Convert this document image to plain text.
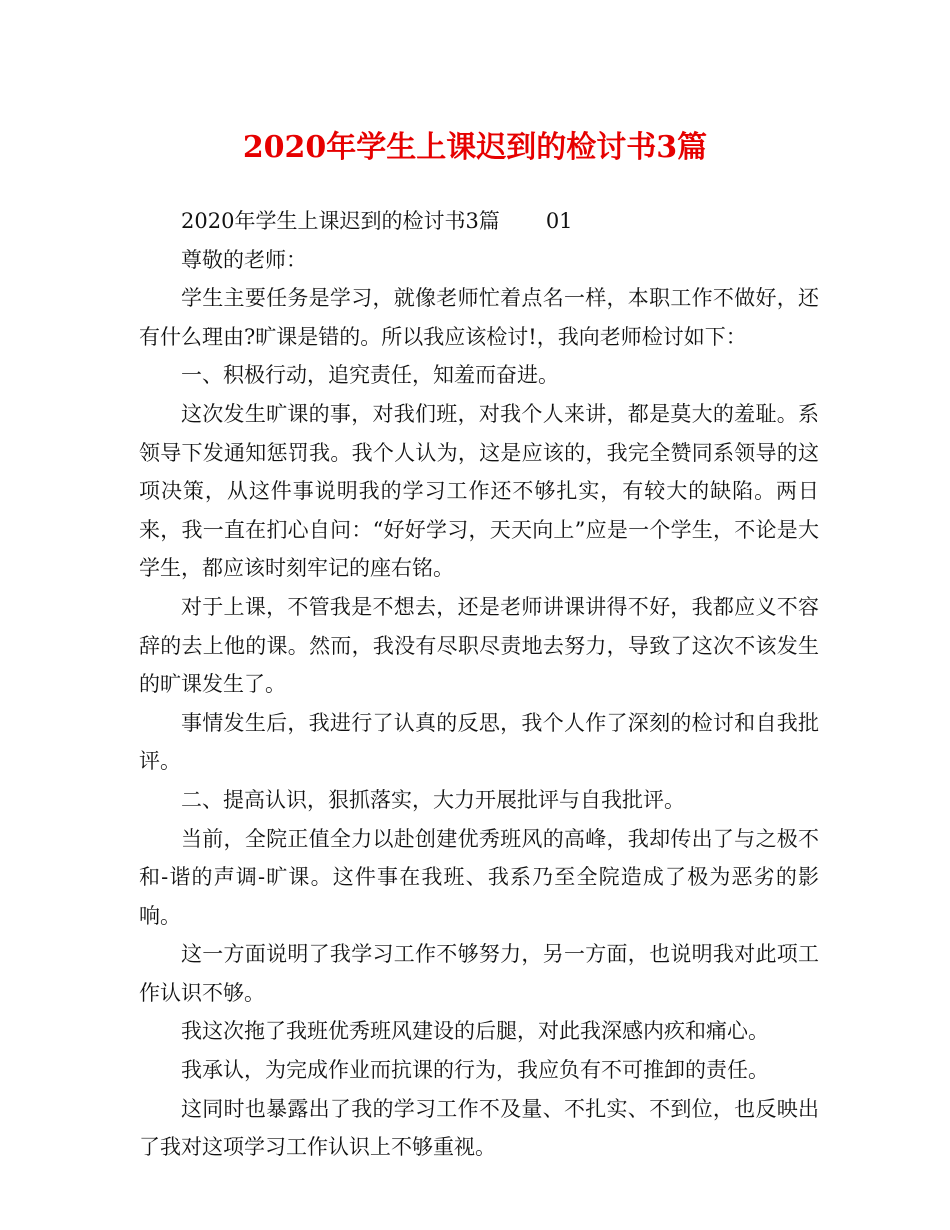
2020年学生上课迟到的检讨书3篇

2020年学生上课迟到的检讨书3篇 01

尊敬的老师：

学生主要任务是学习，就像老师忙着点名一样，本职工作不做好，还有什么理由?旷课是错的。所以我应该检讨!，我向老师检讨如下：

一、积极行动，追究责任，知羞而奋进。

这次发生旷课的事，对我们班，对我个人来讲，都是莫大的羞耻。系领导下发通知惩罚我。我个人认为，这是应该的，我完全赞同系领导的这项决策，从这件事说明我的学习工作还不够扎实，有较大的缺陷。两日来，我一直在扪心自问：“好好学习，天天向上”应是一个学生，不论是大学生，都应该时刻牢记的座右铭。

对于上课，不管我是不想去，还是老师讲课讲得不好，我都应义不容辞的去上他的课。然而，我没有尽职尽责地去努力，导致了这次不该发生的旷课发生了。

事情发生后，我进行了认真的反思，我个人作了深刻的检讨和自我批评。

二、提高认识，狠抓落实，大力开展批评与自我批评。

当前，全院正值全力以赴创建优秀班风的高峰，我却传出了与之极不和-谐的声调-旷课。这件事在我班、我系乃至全院造成了极为恶劣的影响。

这一方面说明了我学习工作不够努力，另一方面，也说明我对此项工作认识不够。

我这次拖了我班优秀班风建设的后腿，对此我深感内疚和痛心。

我承认，为完成作业而抗课的行为，我应负有不可推卸的责任。

这同时也暴露出了我的学习工作不及量、不扎实、不到位，也反映出了我对这项学习工作认识上不够重视。
